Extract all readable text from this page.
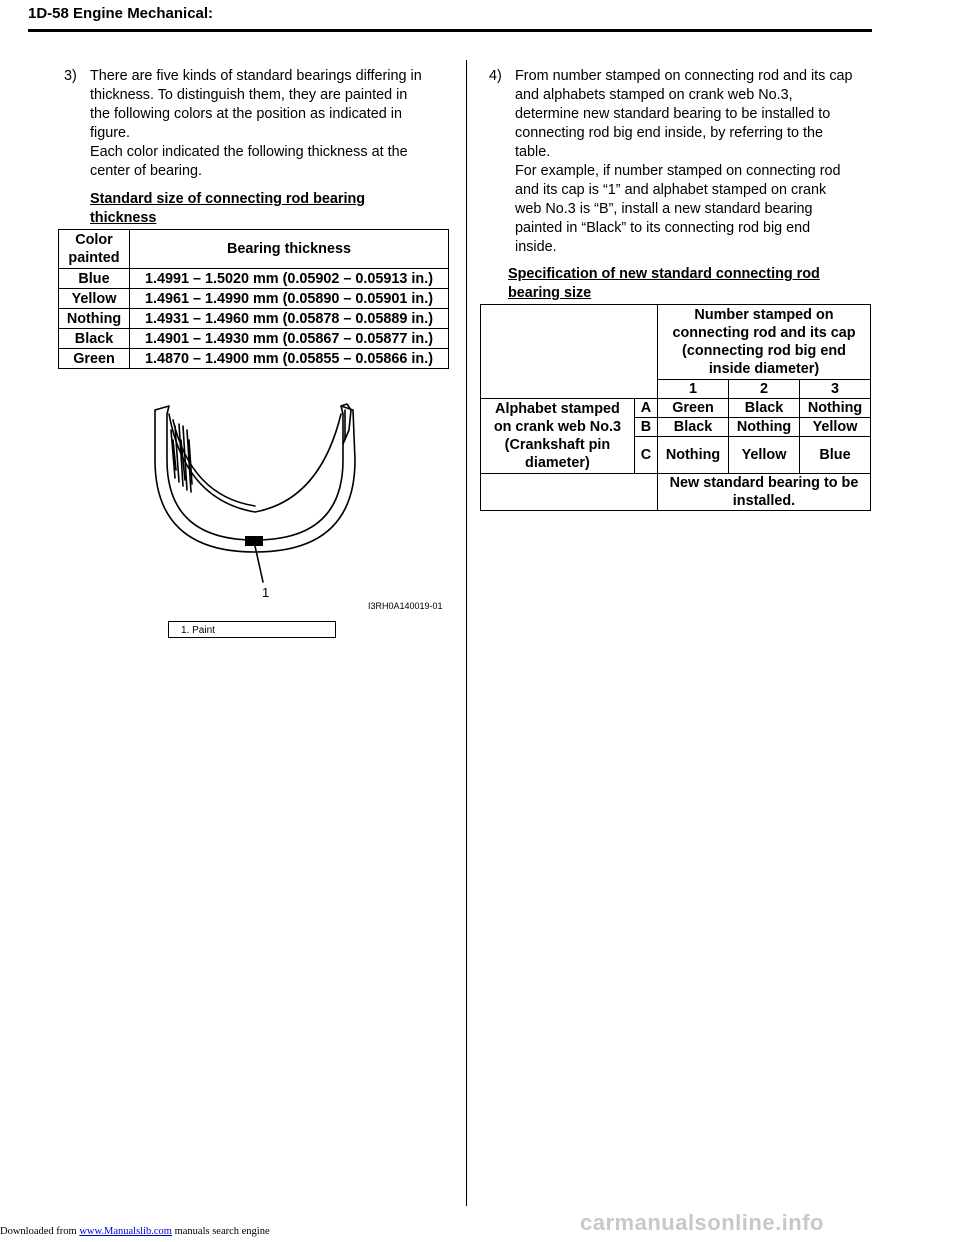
1D-58 Engine Mechanical:
3) There are five kinds of standard bearings differing in
thickness. To distinguish them, they are painted in
the following colors at the position as indicated in
figure.
Each color indicated the following thickness at the
center of bearing.
Standard size of connecting rod bearing
thickness
Color
painted	Bearing thickness
Blue	1.4991 – 1.5020 mm (0.05902 – 0.05913 in.)
Yellow	1.4961 – 1.4990 mm (0.05890 – 0.05901 in.)
Nothing	1.4931 – 1.4960 mm (0.05878 – 0.05889 in.)
Black	1.4901 – 1.4930 mm (0.05867 – 0.05877 in.)
Green	1.4870 – 1.4900 mm (0.05855 – 0.05866 in.)
1
I3RH0A140019-01
1. Paint
4) From number stamped on connecting rod and its cap
and alphabets stamped on crank web No.3,
determine new standard bearing to be installed to
connecting rod big end inside, by referring to the
table.
For example, if number stamped on connecting rod
and its cap is “1” and alphabet stamped on crank
web No.3 is “B”, install a new standard bearing
painted in “Black” to its connecting rod big end
inside.
Specification of new standard connecting rod
bearing size

		Number stamped on
connecting rod and its cap
(connecting rod big end
inside diameter)		

		1	2	3

Alphabet stamped
on crank web No.3
(Crankshaft pin
diameter)	A	Green	Black	Nothing
	B	Black	Nothing	Yellow
	C	Nothing	Yellow	Blue

		New standard bearing to be
installed.		
Downloaded from www.Manualslib.com manuals search engine	carmanualsonline.info
